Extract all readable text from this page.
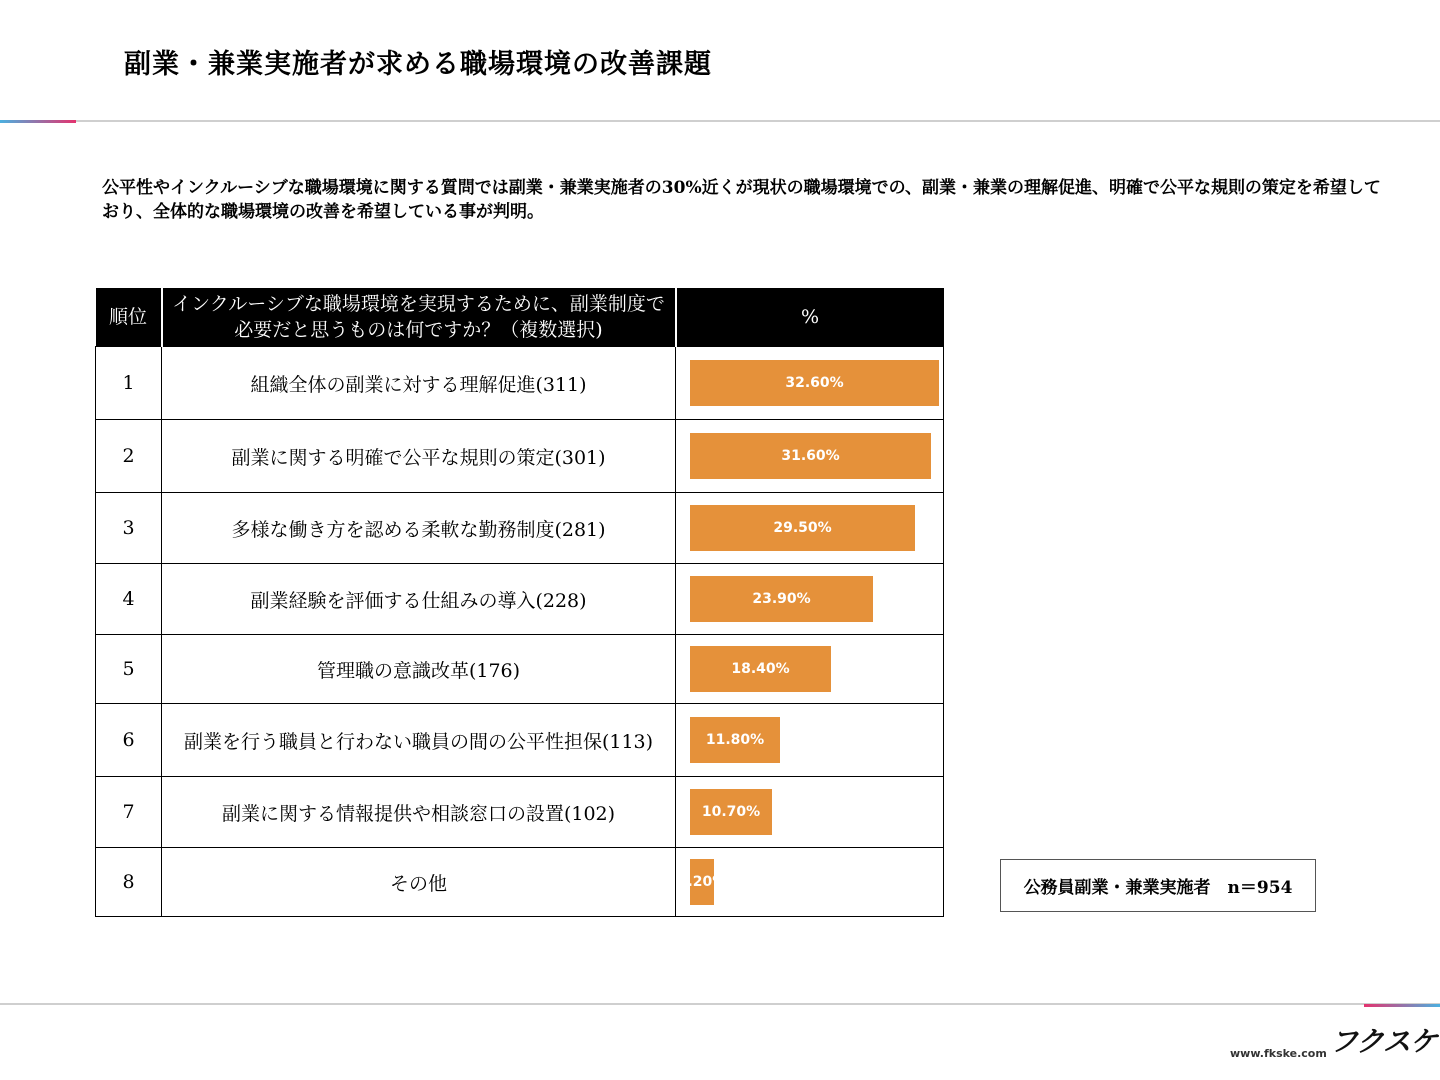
副業・兼業実施者が求める職場環境の改善課題
公平性やインクルーシブな職場環境に関する質問では副業・兼業実施者の30%近くが現状の職場環境での、副業・兼業の理解促進、明確で公平な規則の策定を希望しており、全体的な職場環境の改善を希望している事が判明。
順位	インクルーシブな職場環境を実現するために、副業制度で必要だと思うものは何ですか？（複数選択)	%
1	組織全体の副業に対する理解促進(311)	32.60%

2	副業に関する明確で公平な規則の策定(301)	31.60%

3	多様な働き方を認める柔軟な勤務制度(281)	29.50%

4	副業経験を評価する仕組みの導入(228)	23.90%

5	管理職の意識改革(176)	18.40%

6	副業を行う職員と行わない職員の間の公平性担保(113)	11.80%

7	副業に関する情報提供や相談窓口の設置(102)	10.70%

8	その他	3.20%	公務員副業・兼業実施者　n＝954
www.fkske.com フクスケ
